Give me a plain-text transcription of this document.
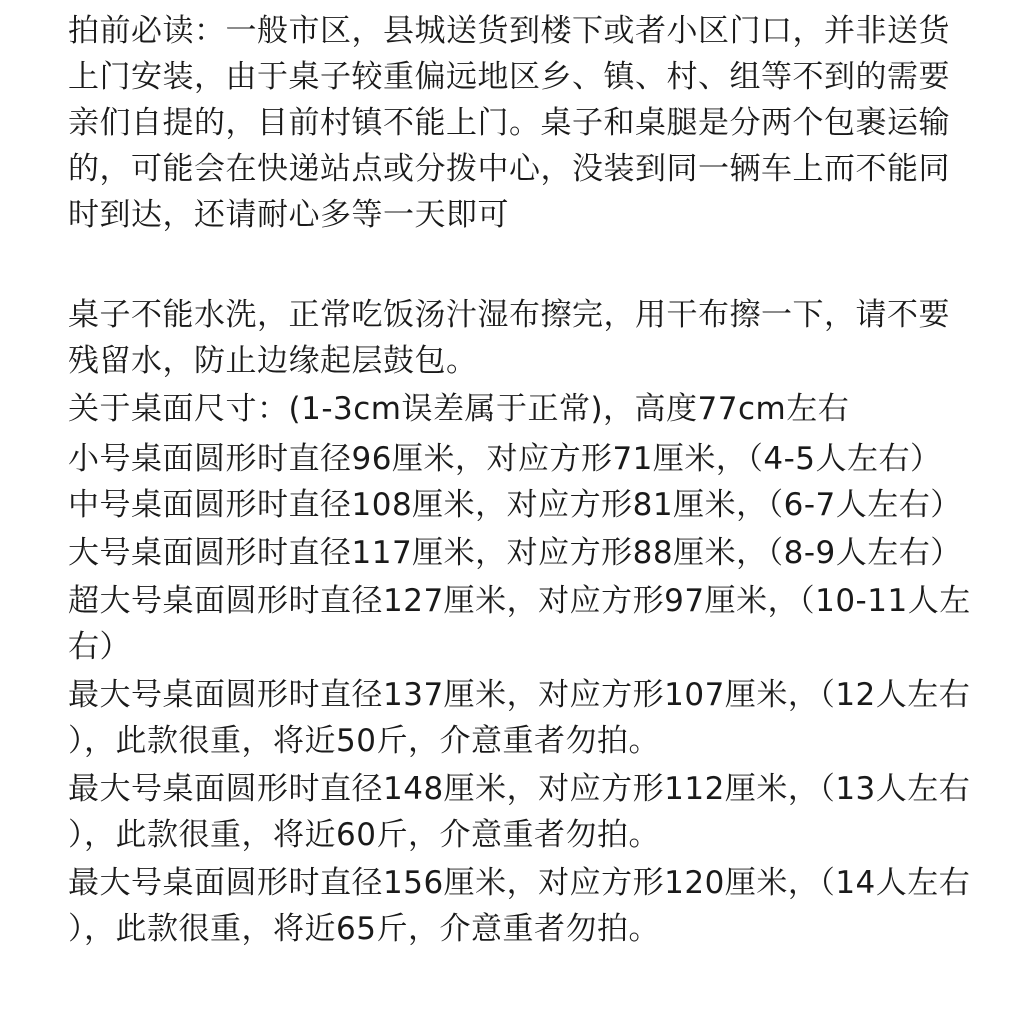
拍前必读：一般市区，县城送货到楼下或者小区门口，并非送货
上门安装，由于桌子较重偏远地区乡、镇、村、组等不到的需要
亲们自提的，目前村镇不能上门。桌子和桌腿是分两个包裹运输
的，可能会在快递站点或分拨中心，没装到同一辆车上而不能同
时到达，还请耐心多等一天即可
桌子不能水洗，正常吃饭汤汁湿布擦完，用干布擦一下，请不要
残留水，防止边缘起层鼓包。
关于桌面尺寸：(1-3cm误差属于正常)，高度77cm左右
小号桌面圆形时直径96厘米，对应方形71厘米，（4-5人左右）
中号桌面圆形时直径108厘米，对应方形81厘米，（6-7人左右）
大号桌面圆形时直径117厘米，对应方形88厘米，（8-9人左右）
超大号桌面圆形时直径127厘米，对应方形97厘米，（10-11人左
右）
最大号桌面圆形时直径137厘米，对应方形107厘米，（12人左右
），此款很重，将近50斤，介意重者勿拍。
最大号桌面圆形时直径148厘米，对应方形112厘米，（13人左右
），此款很重，将近60斤，介意重者勿拍。
最大号桌面圆形时直径156厘米，对应方形120厘米，（14人左右
），此款很重，将近65斤，介意重者勿拍。
